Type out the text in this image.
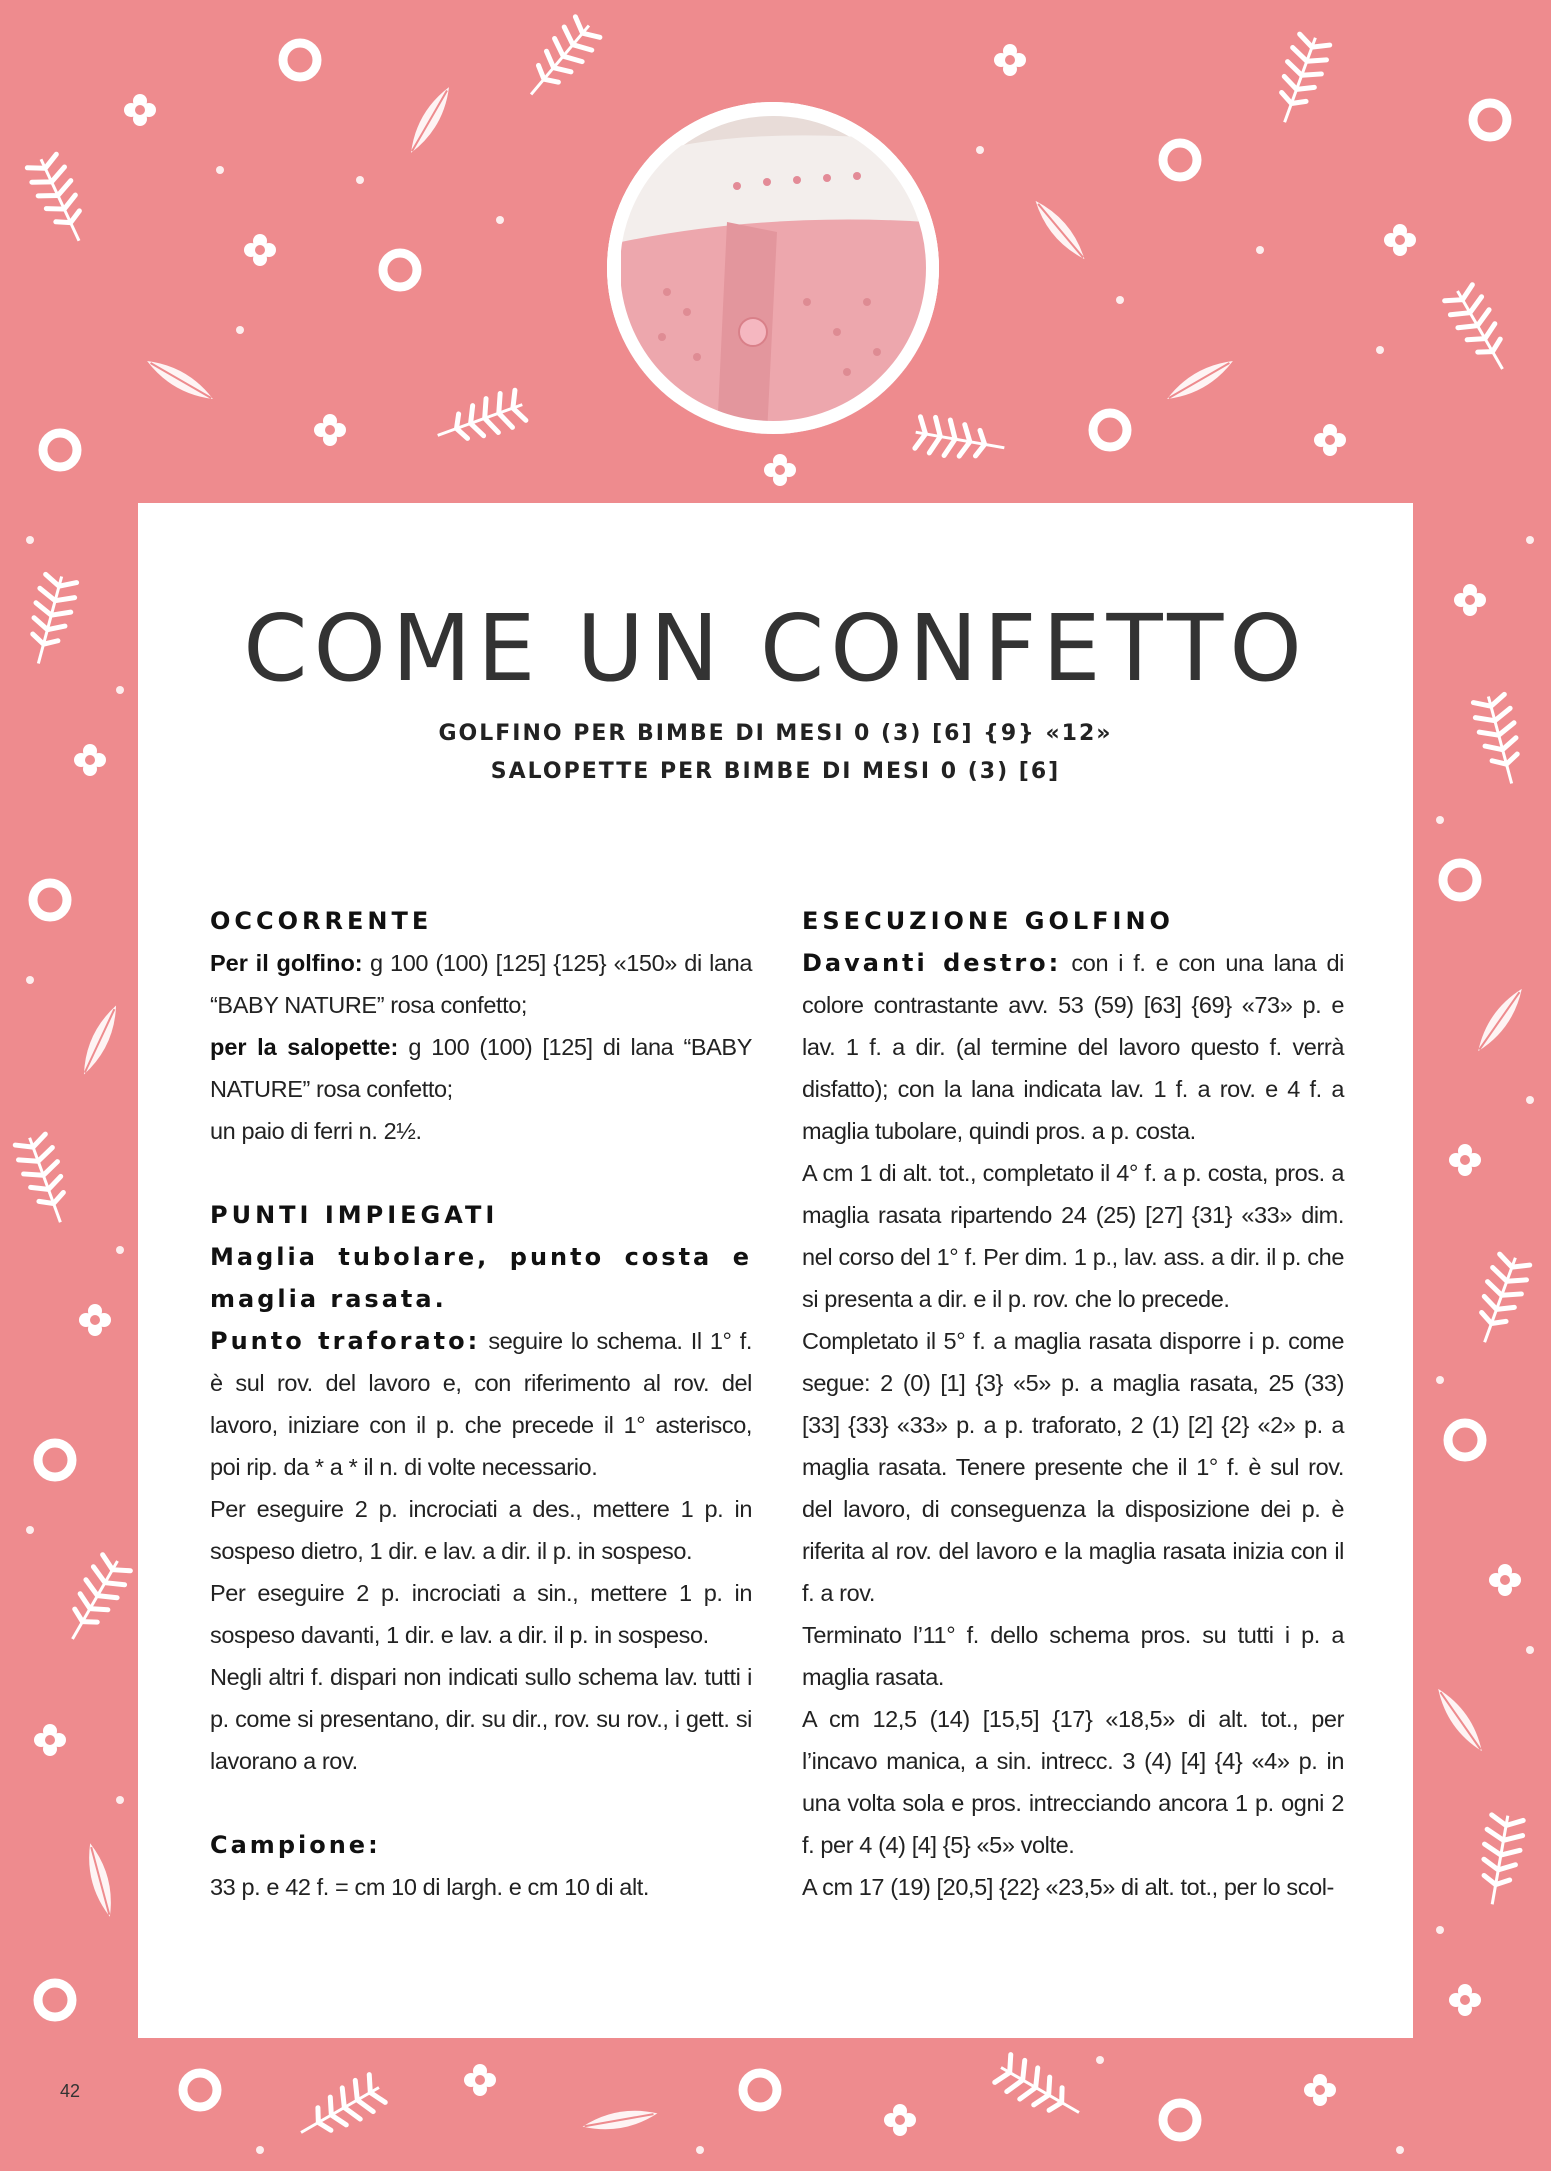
COME UN CONFETTO
GOLFINO PER BIMBE DI MESI 0 (3) [6] {9} «12»
SALOPETTE PER BIMBE DI MESI 0 (3) [6]

OCCORRENTE

Per il golfino: g 100 (100) [125] {125} «150» di lana “BABY NATURE” rosa confetto;

per la salopette: g 100 (100) [125] di lana “BABY NATURE” rosa confetto;

un paio di ferri n. 2½.

PUNTI IMPIEGATI

Maglia tubolare, punto costa e maglia rasata.

Punto traforato: seguire lo schema. Il 1° f. è sul rov. del lavoro e, con riferimento al rov. del lavoro, iniziare con il p. che precede il 1° asterisco, poi rip. da * a * il n. di volte necessario.

Per eseguire 2 p. incrociati a des., mettere 1 p. in sospeso dietro, 1 dir. e lav. a dir. il p. in sospeso.

Per eseguire 2 p. incrociati a sin., mettere 1 p. in sospeso davanti, 1 dir. e lav. a dir. il p. in sospeso.

Negli altri f. dispari non indicati sullo schema lav. tutti i p. come si presentano, dir. su dir., rov. su rov., i gett. si lavorano a rov.

Campione:

33 p. e 42 f. = cm 10 di largh. e cm 10 di alt.

ESECUZIONE GOLFINO

Davanti destro: con i f. e con una lana di colore contrastante avv. 53 (59) [63] {69} «73» p. e lav. 1 f. a dir. (al termine del lavoro questo f. verrà disfatto); con la lana indicata lav. 1 f. a rov. e 4 f. a maglia tubolare, quindi pros. a p. costa.

A cm 1 di alt. tot., completato il 4° f. a p. costa, pros. a maglia rasata ripartendo 24 (25) [27] {31} «33» dim. nel corso del 1° f. Per dim. 1 p., lav. ass. a dir. il p. che si presenta a dir. e il p. rov. che lo precede.

Completato il 5° f. a maglia rasata disporre i p. come segue: 2 (0) [1] {3} «5» p. a maglia rasata, 25 (33) [33] {33} «33» p. a p. traforato, 2 (1) [2] {2} «2» p. a maglia rasata. Tenere presente che il 1° f. è sul rov. del lavoro, di conseguenza la disposizione dei p. è riferita al rov. del lavoro e la maglia rasata inizia con il f. a rov.

Terminato l’11° f. dello schema pros. su tutti i p. a maglia rasata.

A cm 12,5 (14) [15,5] {17} «18,5» di alt. tot., per l’incavo manica, a sin. intrecc. 3 (4) [4] {4} «4» p. in una volta sola e pros. intrecciando ancora 1 p. ogni 2 f. per 4 (4) [4] {5} «5» volte.

A cm 17 (19) [20,5] {22} «23,5» di alt. tot., per lo scol-

42
